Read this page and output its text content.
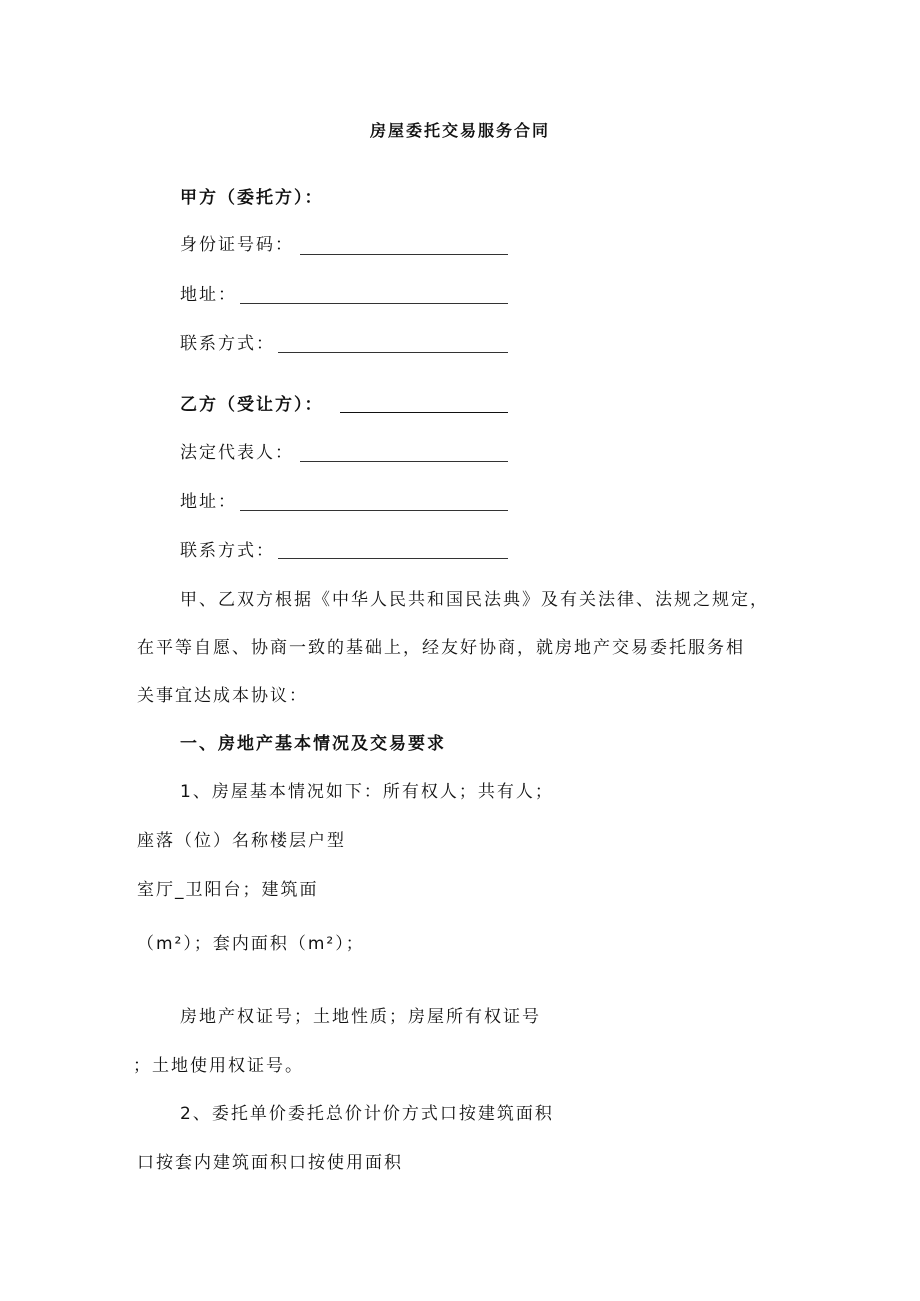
房屋委托交易服务合同
甲方（委托方）：
身份证号码：
地址：
联系方式：
乙方（受让方）：
法定代表人：
地址：
联系方式：
甲、乙双方根据《中华人民共和国民法典》及有关法律、法规之规定，
在平等自愿、协商一致的基础上，经友好协商，就房地产交易委托服务相
关事宜达成本协议：
一、房地产基本情况及交易要求
1、房屋基本情况如下：所有权人；共有人；
座落（位）名称楼层户型
室厅_卫阳台；建筑面
（m²）；套内面积（m²）；
房地产权证号；土地性质；房屋所有权证号
；土地使用权证号。
2、委托单价委托总价计价方式口按建筑面积
口按套内建筑面积口按使用面积
